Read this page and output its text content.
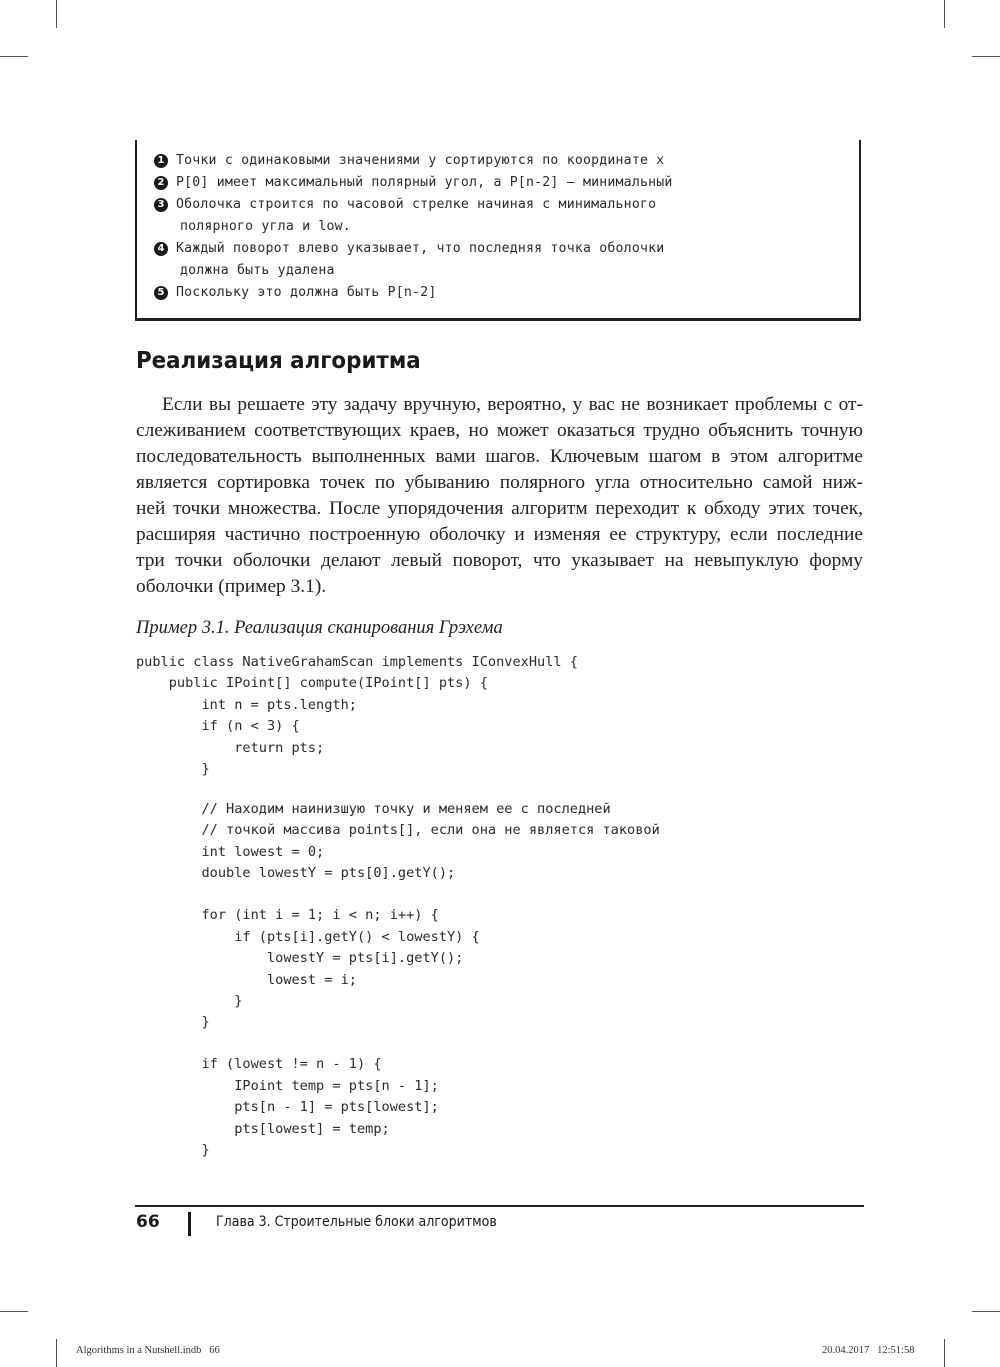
1 Точки с одинаковыми значениями y сортируются по координате x
2 P[0] имеет максимальный полярный угол, а P[n-2] — минимальный
3 Оболочка строится по часовой стрелке начиная с минимального
полярного угла и low.
4 Каждый поворот влево указывает, что последняя точка оболочки
должна быть удалена
5 Поскольку это должна быть P[n-2]
Реализация алгоритма
Если вы решаете эту задачу вручную, вероятно, у вас не возникает проблемы с от-
слеживанием соответствующих краев, но может оказаться трудно объяснить точную
последовательность выполненных вами шагов. Ключевым шагом в этом алгоритме
является сортировка точек по убыванию полярного угла относительно самой ниж-
ней точки множества. После упорядочения алгоритм переходит к обходу этих точек,
расширяя частично построенную оболочку и изменяя ее структуру, если последние
три точки оболочки делают левый поворот, что указывает на невыпуклую форму
оболочки (пример 3.1).
Пример 3.1. Реализация сканирования Грэхема
public class NativeGrahamScan implements IConvexHull {
public IPoint[] compute(IPoint[] pts) {
int n = pts.length;
if (n < 3) {
return pts;
}
// Находим наинизшую точку и меняем ее с последней
// точкой массива points[], если она не является таковой
int lowest = 0;
double lowestY = pts[0].getY();
for (int i = 1; i < n; i++) {
if (pts[i].getY() < lowestY) {
lowestY = pts[i].getY();
lowest = i;
}
}
if (lowest != n - 1) {
IPoint temp = pts[n - 1];
pts[n - 1] = pts[lowest];
pts[lowest] = temp;
}
66	Глава 3. Строительные блоки алгоритмов
Algorithms in a Nutshell.indb   66	20.04.2017   12:51:58
